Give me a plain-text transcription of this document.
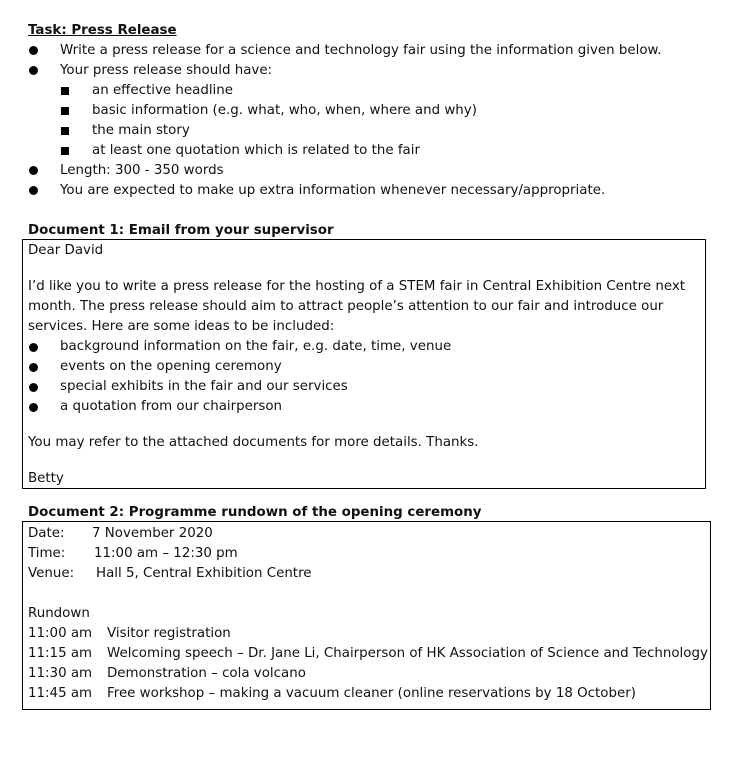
Task: Press Release
Write a press release for a science and technology fair using the information given below.
Your press release should have:
an effective headline
basic information (e.g. what, who, when, where and why)
the main story
at least one quotation which is related to the fair
Length: 300 - 350 words
You are expected to make up extra information whenever necessary/appropriate.
Document 1: Email from your supervisor
Dear David
I’d like you to write a press release for the hosting of a STEM fair in Central Exhibition Centre next
month. The press release should aim to attract people’s attention to our fair and introduce our
services. Here are some ideas to be included:
background information on the fair, e.g. date, time, venue
events on the opening ceremony
special exhibits in the fair and our services
a quotation from our chairperson
You may refer to the attached documents for more details. Thanks.
Betty
Document 2: Programme rundown of the opening ceremony
Date: 7 November 2020
Time: 11:00 am – 12:30 pm
Venue: Hall 5, Central Exhibition Centre
Rundown
11:00 am Visitor registration
11:15 am Welcoming speech – Dr. Jane Li, Chairperson of HK Association of Science and Technology
11:30 am Demonstration – cola volcano
11:45 am Free workshop – making a vacuum cleaner (online reservations by 18 October)
